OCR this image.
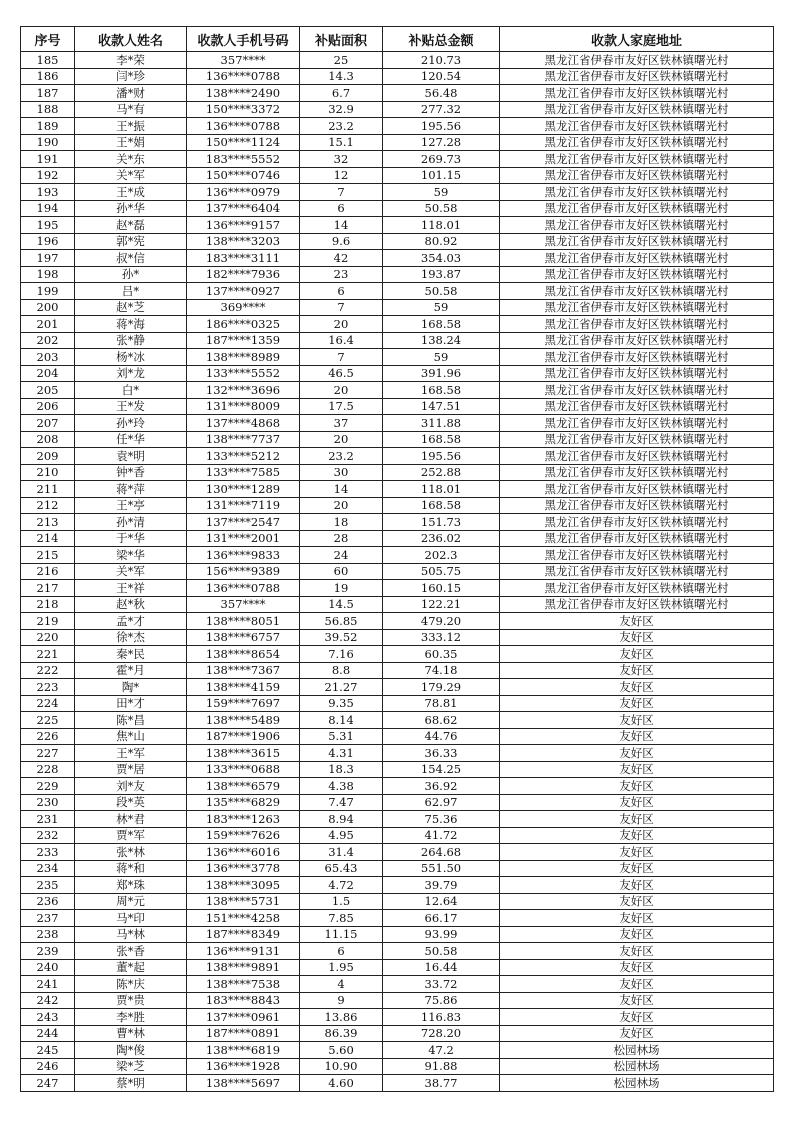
序号	收款人姓名	收款人手机号码	补贴面积	补贴总金额	收款人家庭地址
185	李*荣	357****	25	210.73	黑龙江省伊春市友好区铁林镇曙光村
186	闫*珍	136****0788	14.3	120.54	黑龙江省伊春市友好区铁林镇曙光村
187	潘*财	138****2490	6.7	56.48	黑龙江省伊春市友好区铁林镇曙光村
188	马*有	150****3372	32.9	277.32	黑龙江省伊春市友好区铁林镇曙光村
189	王*振	136****0788	23.2	195.56	黑龙江省伊春市友好区铁林镇曙光村
190	王*娟	150****1124	15.1	127.28	黑龙江省伊春市友好区铁林镇曙光村
191	关*东	183****5552	32	269.73	黑龙江省伊春市友好区铁林镇曙光村
192	关*军	150****0746	12	101.15	黑龙江省伊春市友好区铁林镇曙光村
193	王*成	136****0979	7	59	黑龙江省伊春市友好区铁林镇曙光村
194	孙*华	137****6404	6	50.58	黑龙江省伊春市友好区铁林镇曙光村
195	赵*磊	136****9157	14	118.01	黑龙江省伊春市友好区铁林镇曙光村
196	郭*宪	138****3203	9.6	80.92	黑龙江省伊春市友好区铁林镇曙光村
197	叔*信	183****3111	42	354.03	黑龙江省伊春市友好区铁林镇曙光村
198	孙*	182****7936	23	193.87	黑龙江省伊春市友好区铁林镇曙光村
199	吕*	137****0927	6	50.58	黑龙江省伊春市友好区铁林镇曙光村
200	赵*芝	369****	7	59	黑龙江省伊春市友好区铁林镇曙光村
201	蒋*海	186****0325	20	168.58	黑龙江省伊春市友好区铁林镇曙光村
202	张*静	187****1359	16.4	138.24	黑龙江省伊春市友好区铁林镇曙光村
203	杨*冰	138****8989	7	59	黑龙江省伊春市友好区铁林镇曙光村
204	刘*龙	133****5552	46.5	391.96	黑龙江省伊春市友好区铁林镇曙光村
205	白*	132****3696	20	168.58	黑龙江省伊春市友好区铁林镇曙光村
206	王*发	131****8009	17.5	147.51	黑龙江省伊春市友好区铁林镇曙光村
207	孙*玲	137****4868	37	311.88	黑龙江省伊春市友好区铁林镇曙光村
208	任*华	138****7737	20	168.58	黑龙江省伊春市友好区铁林镇曙光村
209	袁*明	133****5212	23.2	195.56	黑龙江省伊春市友好区铁林镇曙光村
210	钟*香	133****7585	30	252.88	黑龙江省伊春市友好区铁林镇曙光村
211	蒋*萍	130****1289	14	118.01	黑龙江省伊春市友好区铁林镇曙光村
212	王*亭	131****7119	20	168.58	黑龙江省伊春市友好区铁林镇曙光村
213	孙*清	137****2547	18	151.73	黑龙江省伊春市友好区铁林镇曙光村
214	于*华	131****2001	28	236.02	黑龙江省伊春市友好区铁林镇曙光村
215	梁*华	136****9833	24	202.3	黑龙江省伊春市友好区铁林镇曙光村
216	关*军	156****9389	60	505.75	黑龙江省伊春市友好区铁林镇曙光村
217	王*祥	136****0788	19	160.15	黑龙江省伊春市友好区铁林镇曙光村
218	赵*秋	357****	14.5	122.21	黑龙江省伊春市友好区铁林镇曙光村
219	孟*才	138****8051	56.85	479.20	友好区
220	徐*杰	138****6757	39.52	333.12	友好区
221	秦*民	138****8654	7.16	60.35	友好区
222	霍*月	138****7367	8.8	74.18	友好区
223	陶*	138****4159	21.27	179.29	友好区
224	田*才	159****7697	9.35	78.81	友好区
225	陈*昌	138****5489	8.14	68.62	友好区
226	焦*山	187****1906	5.31	44.76	友好区
227	王*军	138****3615	4.31	36.33	友好区
228	贾*居	133****0688	18.3	154.25	友好区
229	刘*友	138****6579	4.38	36.92	友好区
230	段*英	135****6829	7.47	62.97	友好区
231	林*君	183****1263	8.94	75.36	友好区
232	贾*军	159****7626	4.95	41.72	友好区
233	张*林	136****6016	31.4	264.68	友好区
234	蒋*和	136****3778	65.43	551.50	友好区
235	郑*珠	138****3095	4.72	39.79	友好区
236	周*元	138****5731	1.5	12.64	友好区
237	马*印	151****4258	7.85	66.17	友好区
238	马*林	187****8349	11.15	93.99	友好区
239	张*香	136****9131	6	50.58	友好区
240	董*起	138****9891	1.95	16.44	友好区
241	陈*庆	138****7538	4	33.72	友好区
242	贾*贵	183****8843	9	75.86	友好区
243	李*胜	137****0961	13.86	116.83	友好区
244	曹*林	187****0891	86.39	728.20	友好区
245	陶*俊	138****6819	5.60	47.2	松园林场
246	梁*芝	136****1928	10.90	91.88	松园林场
247	蔡*明	138****5697	4.60	38.77	松园林场
